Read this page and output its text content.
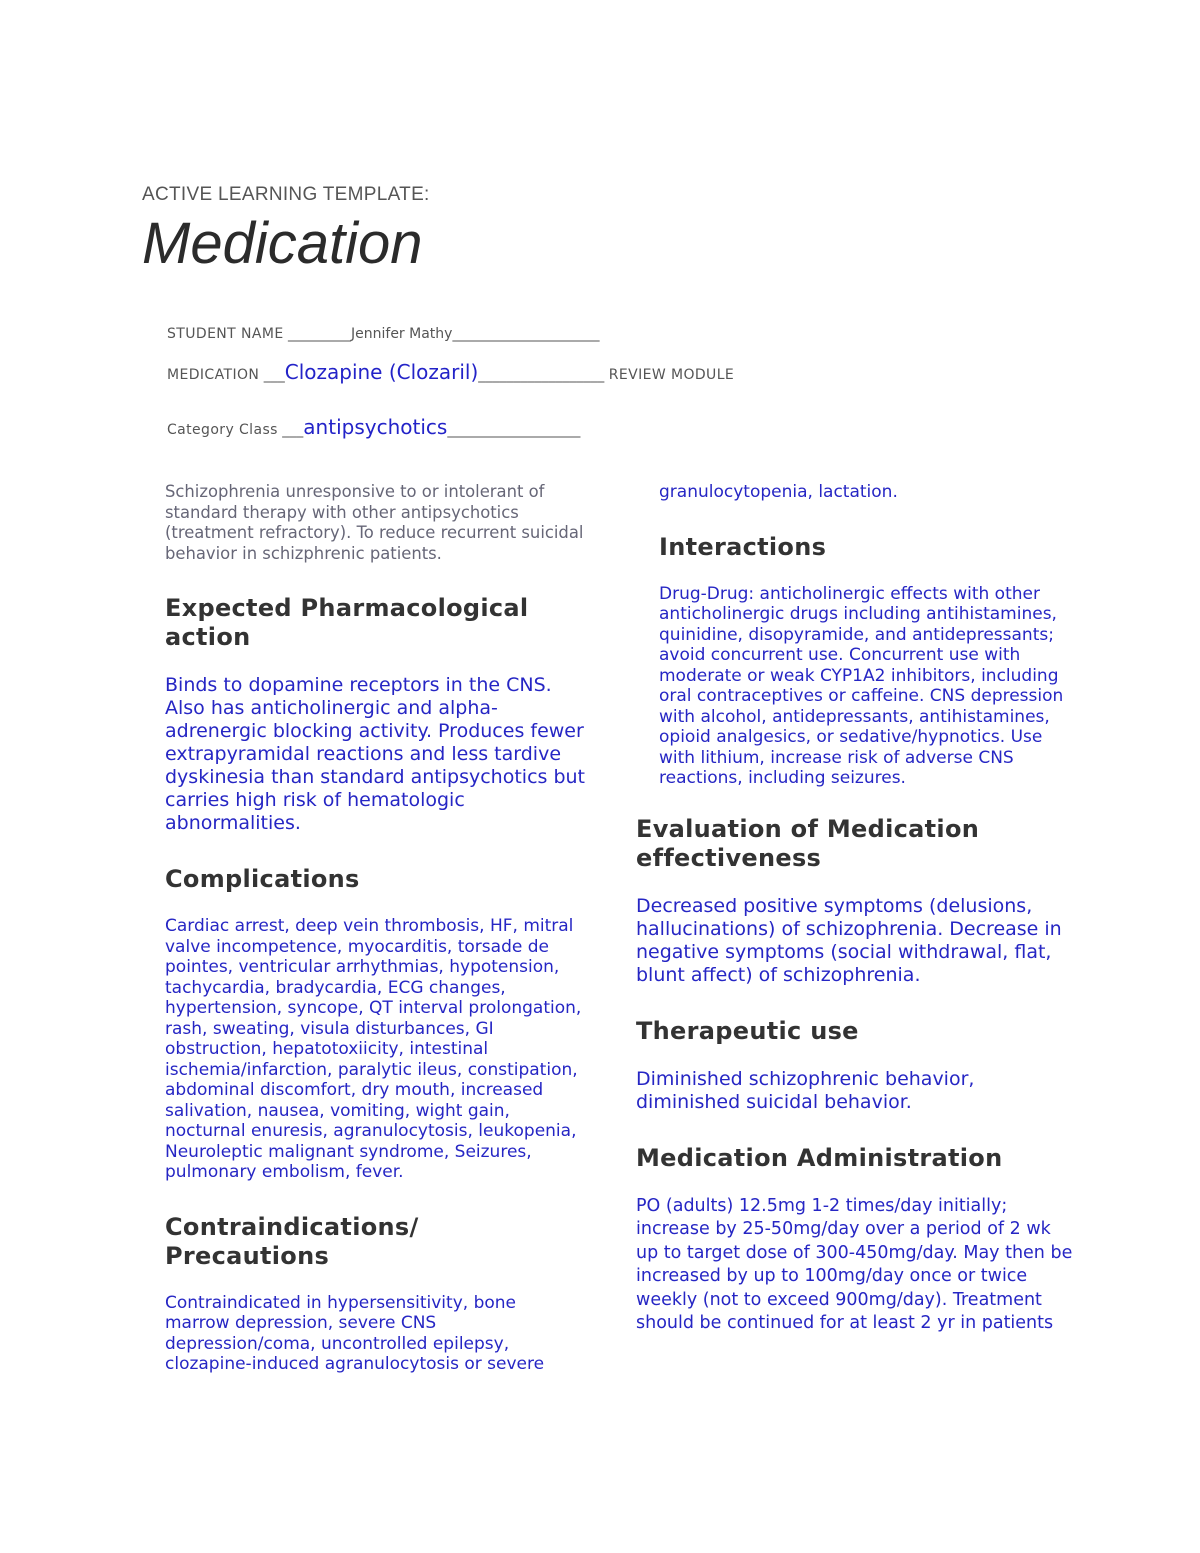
ACTIVE LEARNING TEMPLATE:
Medication
STUDENT NAME _________Jennifer Mathy_____________________
MEDICATION ___Clozapine (Clozaril)__________________ REVIEW MODULE
Category Class ___antipsychotics___________________

Schizophrenia unresponsive to or intolerant of standard therapy with other antipsychotics (treatment refractory). To reduce recurrent suicidal behavior in schizphrenic patients.

Expected Pharmacological action

Binds to dopamine receptors in the CNS. Also has anticholinergic and alpha-adrenergic blocking activity. Produces fewer extrapyramidal reactions and less tardive dyskinesia than standard antipsychotics but carries high risk of hematologic abnormalities.

Complications

Cardiac arrest, deep vein thrombosis, HF, mitral valve incompetence, myocarditis, torsade de pointes, ventricular arrhythmias, hypotension, tachycardia, bradycardia, ECG changes, hypertension, syncope, QT interval prolongation, rash, sweating, visula disturbances, GI obstruction, hepatotoxiicity, intestinal ischemia/infarction, paralytic ileus, constipation, abdominal discomfort, dry mouth, increased salivation, nausea, vomiting, wight gain, nocturnal enuresis, agranulocytosis, leukopenia, Neuroleptic malignant syndrome, Seizures, pulmonary embolism, fever.

Contraindications/ Precautions

Contraindicated in hypersensitivity, bone marrow depression, severe CNS depression/coma, uncontrolled epilepsy, clozapine-induced agranulocytosis or severe

granulocytopenia, lactation.

Interactions

Drug-Drug: anticholinergic effects with other anticholinergic drugs including antihistamines, quinidine, disopyramide, and antidepressants; avoid concurrent use. Concurrent use with moderate or weak CYP1A2 inhibitors, including oral contraceptives or caffeine. CNS depression with alcohol, antidepressants, antihistamines, opioid analgesics, or sedative/hypnotics. Use with lithium, increase risk of adverse CNS reactions, including seizures.

Evaluation of Medication effectiveness

Decreased positive symptoms (delusions, hallucinations) of schizophrenia. Decrease in negative symptoms (social withdrawal, flat, blunt affect) of schizophrenia.

Therapeutic use

Diminished schizophrenic behavior, diminished suicidal behavior.

Medication Administration

PO (adults) 12.5mg 1-2 times/day initially; increase by 25-50mg/day over a period of 2 wk up to target dose of 300-450mg/day. May then be increased by up to 100mg/day once or twice weekly (not to exceed 900mg/day). Treatment should be continued for at least 2 yr in patients
